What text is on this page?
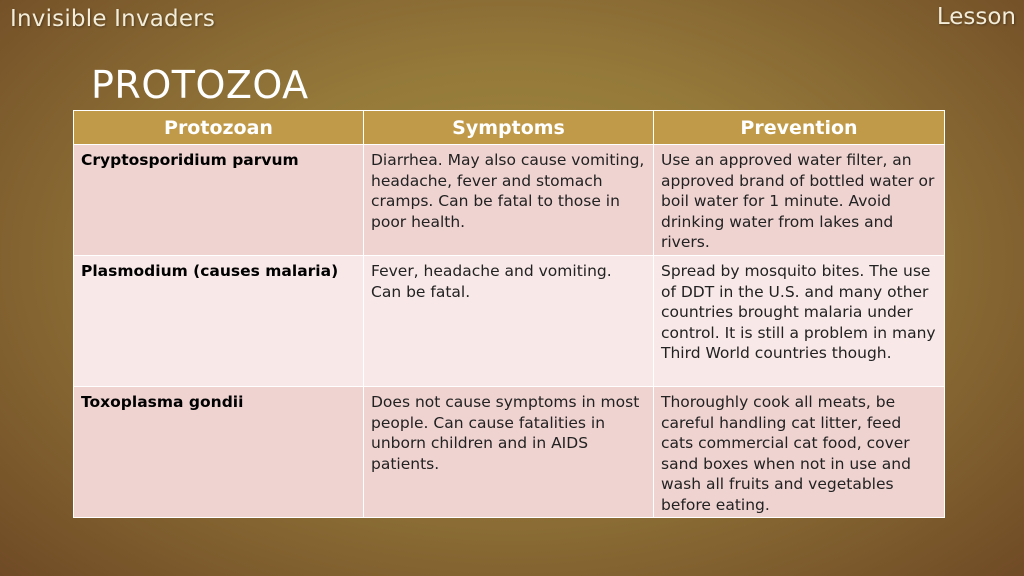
Invisible Invaders	Lesson
PROTOZOA
Protozoan	Symptoms	Prevention
Cryptosporidium parvum	Diarrhea. May also cause vomiting, headache, fever and stomach cramps. Can be fatal to those in poor health.	Use an approved water filter, an approved brand of bottled water or boil water for 1 minute. Avoid drinking water from lakes and rivers.
Plasmodium (causes malaria)	Fever, headache and vomiting. Can be fatal.	Spread by mosquito bites. The use of DDT in the U.S. and many other countries brought malaria under control. It is still a problem in many Third World countries though.
Toxoplasma gondii	Does not cause symptoms in most people. Can cause fatalities in unborn children and in AIDS patients.	Thoroughly cook all meats, be careful handling cat litter, feed cats commercial cat food, cover sand boxes when not in use and wash all fruits and vegetables before eating.
